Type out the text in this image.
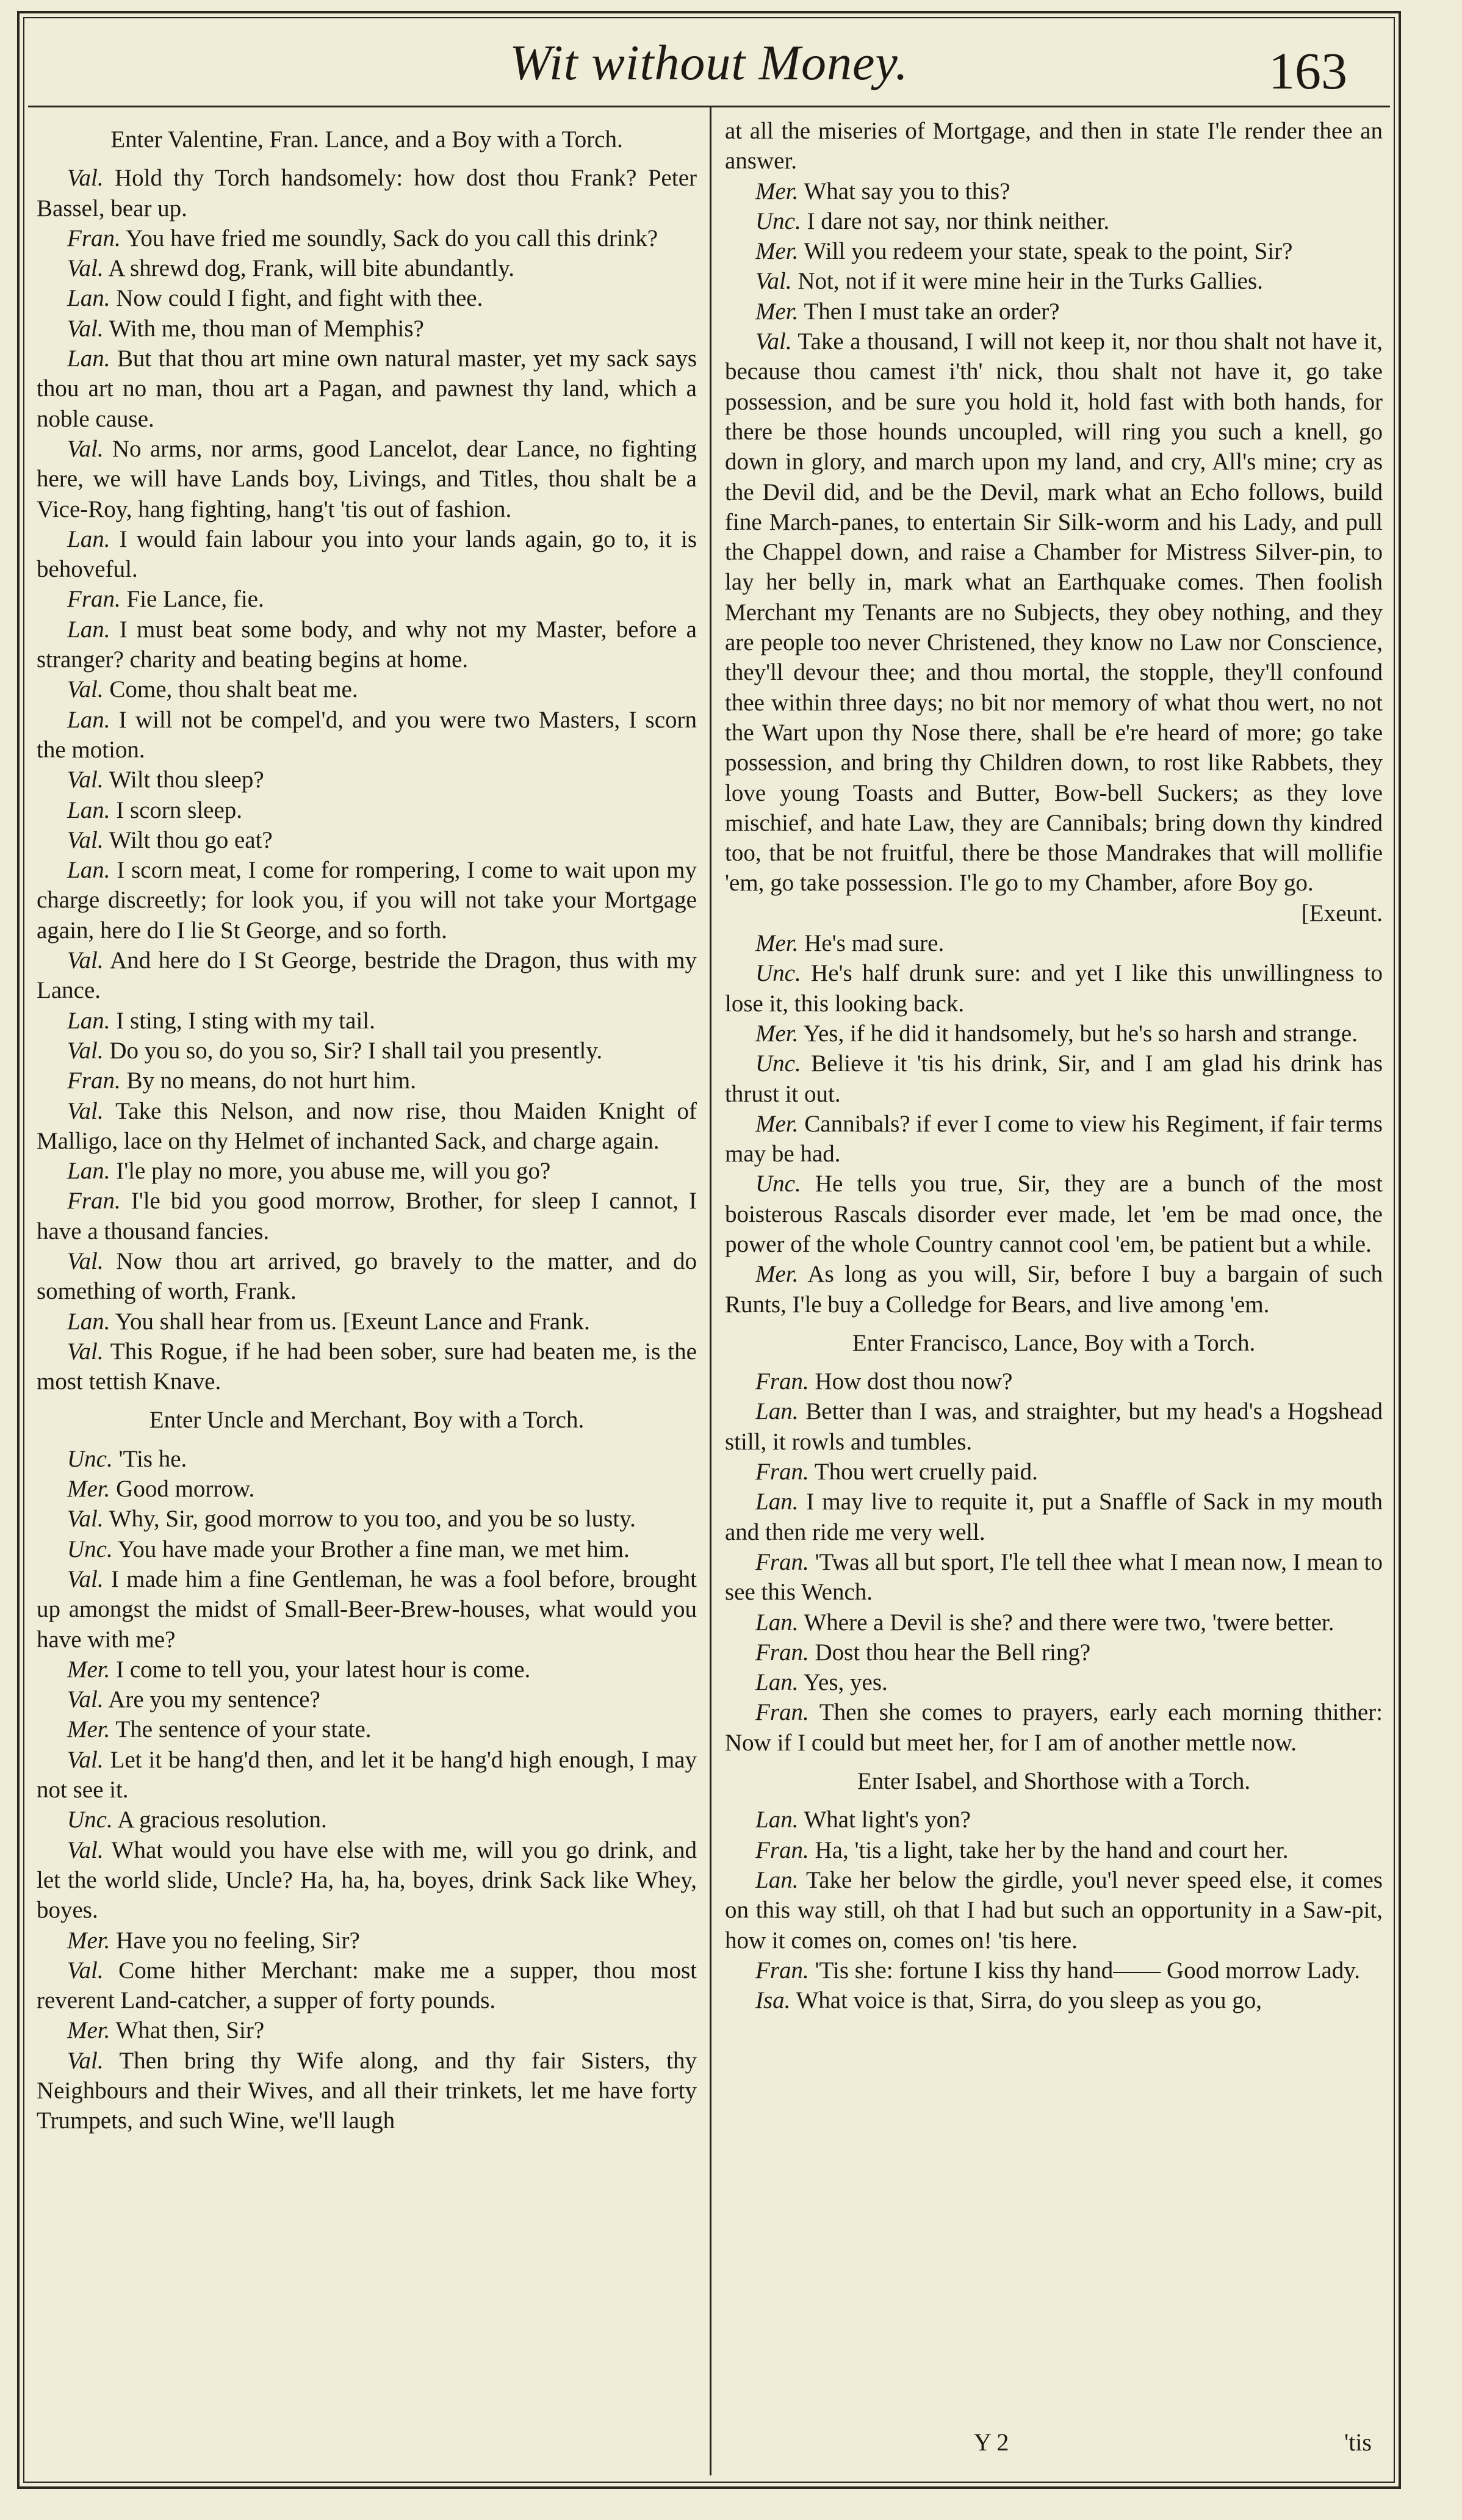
Wit without Money.	163

Enter Valentine, Fran. Lance, and a Boy with a Torch.

Val. Hold thy Torch handsomely: how dost thou Frank? Peter Bassel, bear up.

Fran. You have fried me soundly, Sack do you call this drink?

Val. A shrewd dog, Frank, will bite abundantly.

Lan. Now could I fight, and fight with thee.

Val. With me, thou man of Memphis?

Lan. But that thou art mine own natural master, yet my sack says thou art no man, thou art a Pagan, and pawnest thy land, which a noble cause.

Val. No arms, nor arms, good Lancelot, dear Lance, no fighting here, we will have Lands boy, Livings, and Titles, thou shalt be a Vice-Roy, hang fighting, hang't 'tis out of fashion.

Lan. I would fain labour you into your lands again, go to, it is behoveful.

Fran. Fie Lance, fie.

Lan. I must beat some body, and why not my Master, before a stranger? charity and beating begins at home.

Val. Come, thou shalt beat me.

Lan. I will not be compel'd, and you were two Masters, I scorn the motion.

Val. Wilt thou sleep?

Lan. I scorn sleep.

Val. Wilt thou go eat?

Lan. I scorn meat, I come for rompering, I come to wait upon my charge discreetly; for look you, if you will not take your Mortgage again, here do I lie St George, and so forth.

Val. And here do I St George, bestride the Dragon, thus with my Lance.

Lan. I sting, I sting with my tail.

Val. Do you so, do you so, Sir? I shall tail you presently.

Fran. By no means, do not hurt him.

Val. Take this Nelson, and now rise, thou Maiden Knight of Malligo, lace on thy Helmet of inchanted Sack, and charge again.

Lan. I'le play no more, you abuse me, will you go?

Fran. I'le bid you good morrow, Brother, for sleep I cannot, I have a thousand fancies.

Val. Now thou art arrived, go bravely to the matter, and do something of worth, Frank.

Lan. You shall hear from us. [Exeunt Lance and Frank.

Val. This Rogue, if he had been sober, sure had beaten me, is the most tettish Knave.

Enter Uncle and Merchant, Boy with a Torch.

Unc. 'Tis he.

Mer. Good morrow.

Val. Why, Sir, good morrow to you too, and you be so lusty.

Unc. You have made your Brother a fine man, we met him.

Val. I made him a fine Gentleman, he was a fool before, brought up amongst the midst of Small-Beer-Brew-houses, what would you have with me?

Mer. I come to tell you, your latest hour is come.

Val. Are you my sentence?

Mer. The sentence of your state.

Val. Let it be hang'd then, and let it be hang'd high enough, I may not see it.

Unc. A gracious resolution.

Val. What would you have else with me, will you go drink, and let the world slide, Uncle? Ha, ha, ha, boyes, drink Sack like Whey, boyes.

Mer. Have you no feeling, Sir?

Val. Come hither Merchant: make me a supper, thou most reverent Land-catcher, a supper of forty pounds.

Mer. What then, Sir?

Val. Then bring thy Wife along, and thy fair Sisters, thy Neighbours and their Wives, and all their trinkets, let me have forty Trumpets, and such Wine, we'll laugh

at all the miseries of Mortgage, and then in state I'le render thee an answer.

Mer. What say you to this?

Unc. I dare not say, nor think neither.

Mer. Will you redeem your state, speak to the point, Sir?

Val. Not, not if it were mine heir in the Turks Gallies.

Mer. Then I must take an order?

Val. Take a thousand, I will not keep it, nor thou shalt not have it, because thou camest i'th' nick, thou shalt not have it, go take possession, and be sure you hold it, hold fast with both hands, for there be those hounds uncoupled, will ring you such a knell, go down in glory, and march upon my land, and cry, All's mine; cry as the Devil did, and be the Devil, mark what an Echo follows, build fine March-panes, to entertain Sir Silk-worm and his Lady, and pull the Chappel down, and raise a Chamber for Mistress Silver-pin, to lay her belly in, mark what an Earthquake comes. Then foolish Merchant my Tenants are no Subjects, they obey nothing, and they are people too never Christened, they know no Law nor Conscience, they'll devour thee; and thou mortal, the stopple, they'll confound thee within three days; no bit nor memory of what thou wert, no not the Wart upon thy Nose there, shall be e're heard of more; go take possession, and bring thy Children down, to rost like Rabbets, they love young Toasts and Butter, Bow-bell Suckers; as they love mischief, and hate Law, they are Cannibals; bring down thy kindred too, that be not fruitful, there be those Mandrakes that will mollifie 'em, go take possession. I'le go to my Chamber, afore Boy go.

[Exeunt.

Mer. He's mad sure.

Unc. He's half drunk sure: and yet I like this unwillingness to lose it, this looking back.

Mer. Yes, if he did it handsomely, but he's so harsh and strange.

Unc. Believe it 'tis his drink, Sir, and I am glad his drink has thrust it out.

Mer. Cannibals? if ever I come to view his Regiment, if fair terms may be had.

Unc. He tells you true, Sir, they are a bunch of the most boisterous Rascals disorder ever made, let 'em be mad once, the power of the whole Country cannot cool 'em, be patient but a while.

Mer. As long as you will, Sir, before I buy a bargain of such Runts, I'le buy a Colledge for Bears, and live among 'em.

Enter Francisco, Lance, Boy with a Torch.

Fran. How dost thou now?

Lan. Better than I was, and straighter, but my head's a Hogshead still, it rowls and tumbles.

Fran. Thou wert cruelly paid.

Lan. I may live to requite it, put a Snaffle of Sack in my mouth and then ride me very well.

Fran. 'Twas all but sport, I'le tell thee what I mean now, I mean to see this Wench.

Lan. Where a Devil is she? and there were two, 'twere better.

Fran. Dost thou hear the Bell ring?

Lan. Yes, yes.

Fran. Then she comes to prayers, early each morning thither: Now if I could but meet her, for I am of another mettle now.

Enter Isabel, and Shorthose with a Torch.

Lan. What light's yon?

Fran. Ha, 'tis a light, take her by the hand and court her.

Lan. Take her below the girdle, you'l never speed else, it comes on this way still, oh that I had but such an opportunity in a Saw-pit, how it comes on, comes on! 'tis here.

Fran. 'Tis she: fortune I kiss thy hand—— Good morrow Lady.

Isa. What voice is that, Sirra, do you sleep as you go,

Y 2	'tis
